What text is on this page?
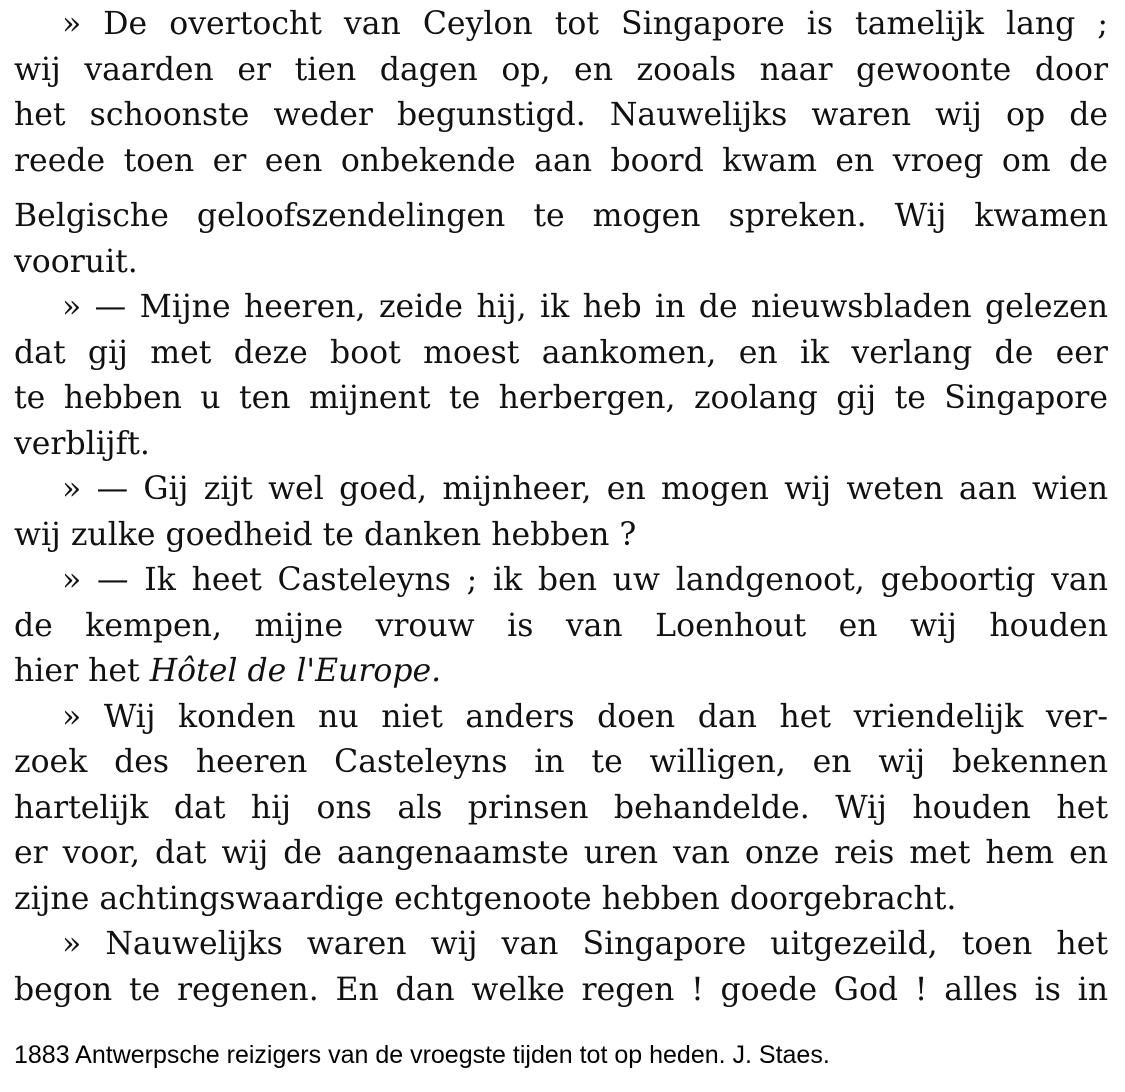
» De overtocht van Ceylon tot Singapore is tamelijk lang ;
wij vaarden er tien dagen op, en zooals naar gewoonte door
het schoonste weder begunstigd. Nauwelijks waren wij op de
reede toen er een onbekende aan boord kwam en vroeg om de
Belgische geloofszendelingen te mogen spreken. Wij kwamen
vooruit.
» — Mijne heeren, zeide hij, ik heb in de nieuwsbladen gelezen
dat gij met deze boot moest aankomen, en ik verlang de eer
te hebben u ten mijnent te herbergen, zoolang gij te Singapore
verblijft.
» — Gij zijt wel goed, mijnheer, en mogen wij weten aan wien
wij zulke goedheid te danken hebben ?
» — Ik heet Casteleyns ; ik ben uw landgenoot, geboortig van
de kempen, mijne vrouw is van Loenhout en wij houden
hier het Hôtel de l'Europe.
» Wij konden nu niet anders doen dan het vriendelijk ver-
zoek des heeren Casteleyns in te willigen, en wij bekennen
hartelijk dat hij ons als prinsen behandelde. Wij houden het
er voor, dat wij de aangenaamste uren van onze reis met hem en
zijne achtingswaardige echtgenoote hebben doorgebracht.
» Nauwelijks waren wij van Singapore uitgezeild, toen het
begon te regenen. En dan welke regen ! goede God ! alles is in
1883 Antwerpsche reizigers van de vroegste tijden tot op heden. J. Staes.
